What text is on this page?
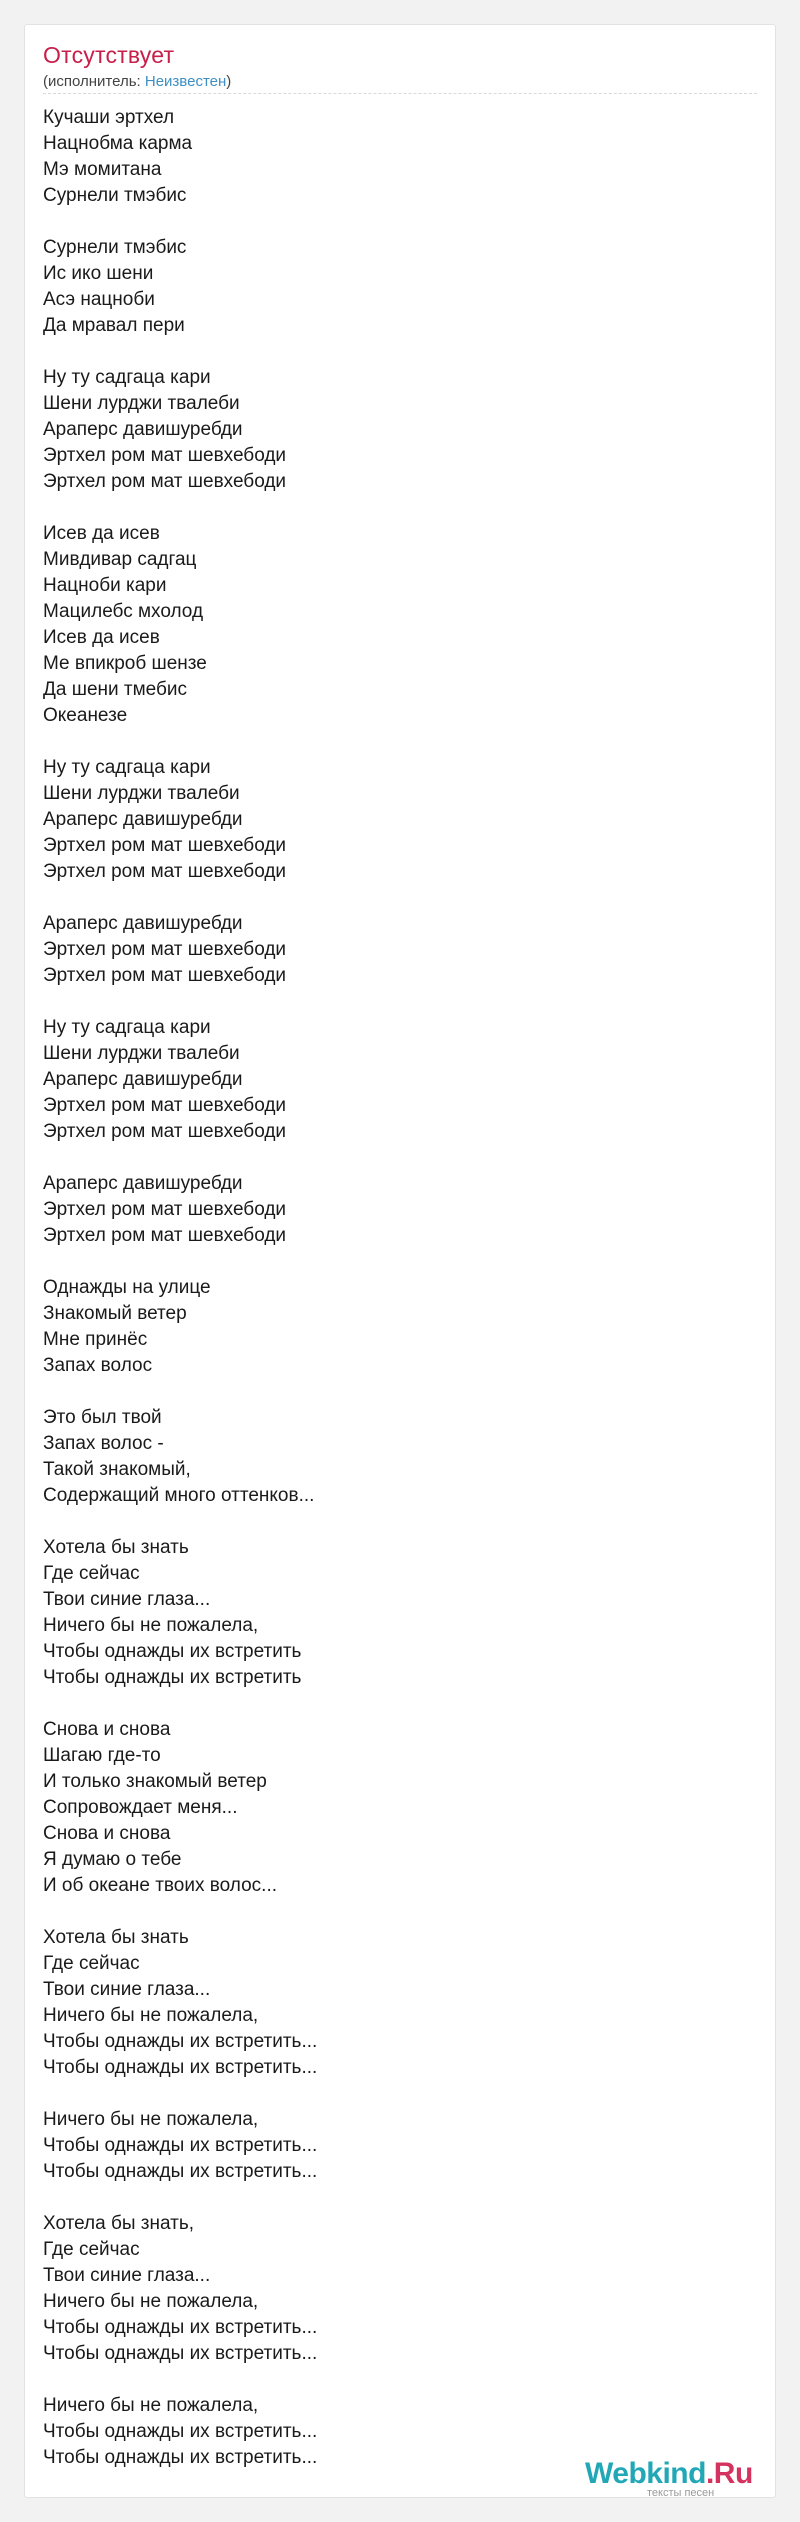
Отсутствует
(исполнитель: Неизвестен)
Кучаши эртхел
Нацнобма карма
Мэ момитана
Сурнели тмэбис
Сурнели тмэбис
Ис ико шени
Асэ нацноби
Да мравал пери
Ну ту садгаца кари
Шени лурджи твалеби
Араперс давишуребди
Эртхел ром мат шевхебоди
Эртхел ром мат шевхебоди
Исев да исев
Мивдивар садгац
Нацноби кари
Мацилебс мхолод
Исев да исев
Ме впикроб шензе
Да шени тмебис
Океанезе
Ну ту садгаца кари
Шени лурджи твалеби
Араперс давишуребди
Эртхел ром мат шевхебоди
Эртхел ром мат шевхебоди
Араперс давишуребди
Эртхел ром мат шевхебоди
Эртхел ром мат шевхебоди
Ну ту садгаца кари
Шени лурджи твалеби
Араперс давишуребди
Эртхел ром мат шевхебоди
Эртхел ром мат шевхебоди
Араперс давишуребди
Эртхел ром мат шевхебоди
Эртхел ром мат шевхебоди
Однажды на улице
Знакомый ветер
Мне принёс
Запах волос
Это был твой
Запах волос -
Такой знакомый,
Содержащий много оттенков...
Хотела бы знать
Где сейчас
Твои синие глаза...
Ничего бы не пожалела,
Чтобы однажды их встретить
Чтобы однажды их встретить
Снова и снова
Шагаю где-то
И только знакомый ветер
Сопровождает меня...
Снова и снова
Я думаю о тебе
И об океане твоих волос...
Хотела бы знать
Где сейчас
Твои синие глаза...
Ничего бы не пожалела,
Чтобы однажды их встретить...
Чтобы однажды их встретить...
Ничего бы не пожалела,
Чтобы однажды их встретить...
Чтобы однажды их встретить...
Хотела бы знать,
Где сейчас
Твои синие глаза...
Ничего бы не пожалела,
Чтобы однажды их встретить...
Чтобы однажды их встретить...
Ничего бы не пожалела,
Чтобы однажды их встретить...
Чтобы однажды их встретить...	Webkind.Ru
тексты песен
